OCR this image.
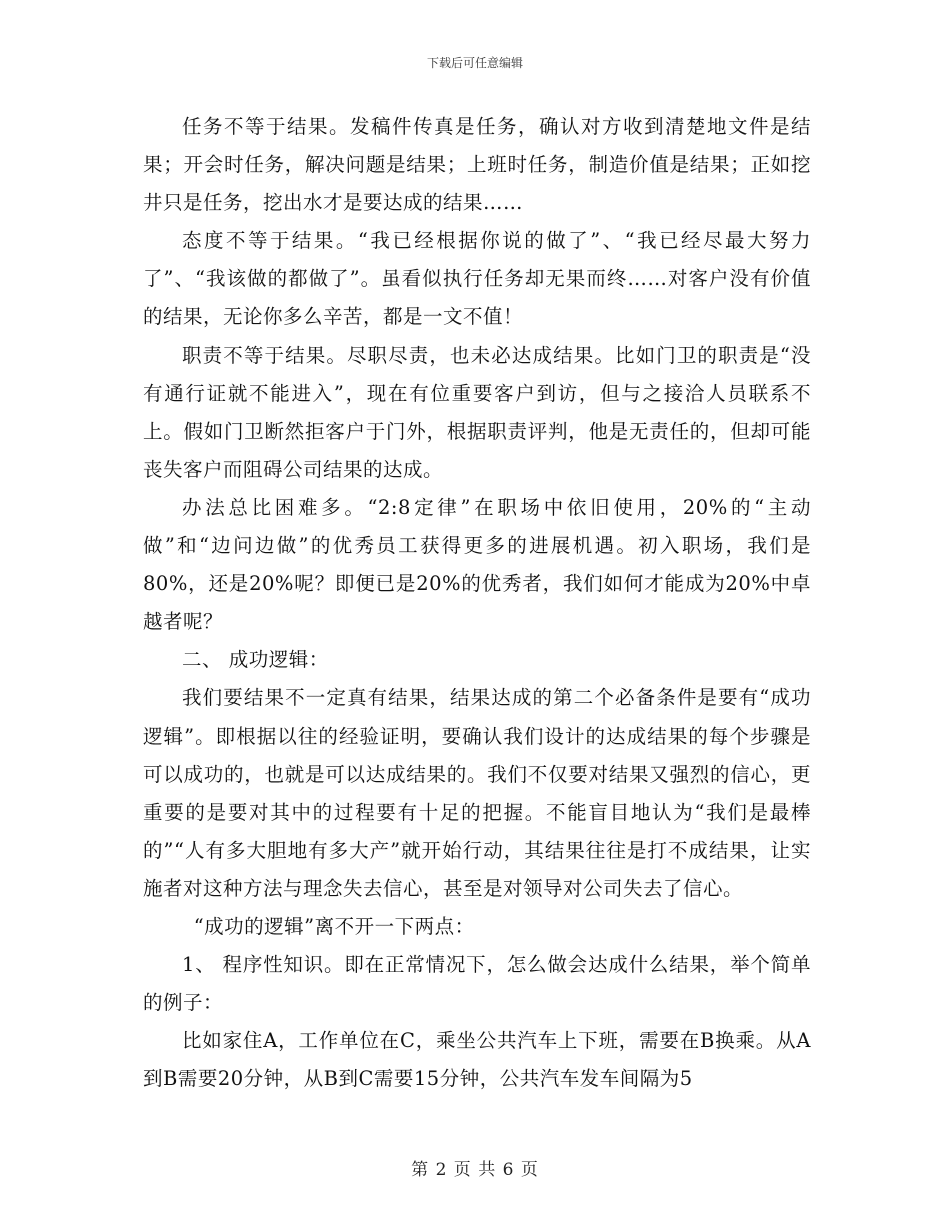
下载后可任意编辑

任务不等于结果。发稿件传真是任务，确认对方收到清楚地文件是结果；开会时任务，解决问题是结果；上班时任务，制造价值是结果；正如挖井只是任务，挖出水才是要达成的结果……

态度不等于结果。“我已经根据你说的做了”、“我已经尽最大努力了”、“我该做的都做了”。虽看似执行任务却无果而终……对客户没有价值的结果，无论你多么辛苦，都是一文不值！

职责不等于结果。尽职尽责，也未必达成结果。比如门卫的职责是“没有通行证就不能进入”，现在有位重要客户到访，但与之接洽人员联系不上。假如门卫断然拒客户于门外，根据职责评判，他是无责任的，但却可能丧失客户而阻碍公司结果的达成。

办法总比困难多。“2:8定律”在职场中依旧使用，20%的“主动做”和“边问边做”的优秀员工获得更多的进展机遇。初入职场，我们是80%，还是20%呢？即便已是20%的优秀者，我们如何才能成为20%中卓越者呢？

二、 成功逻辑：

我们要结果不一定真有结果，结果达成的第二个必备条件是要有“成功逻辑”。即根据以往的经验证明，要确认我们设计的达成结果的每个步骤是可以成功的，也就是可以达成结果的。我们不仅要对结果又强烈的信心，更重要的是要对其中的过程要有十足的把握。不能盲目地认为“我们是最棒的”“人有多大胆地有多大产”就开始行动，其结果往往是打不成结果，让实施者对这种方法与理念失去信心，甚至是对领导对公司失去了信心。

“成功的逻辑”离不开一下两点：

1、 程序性知识。即在正常情况下，怎么做会达成什么结果，举个简单的例子：

比如家住A，工作单位在C，乘坐公共汽车上下班，需要在B换乘。从A到B需要20分钟，从B到C需要15分钟，公共汽车发车间隔为5

第 2 页 共 6 页
